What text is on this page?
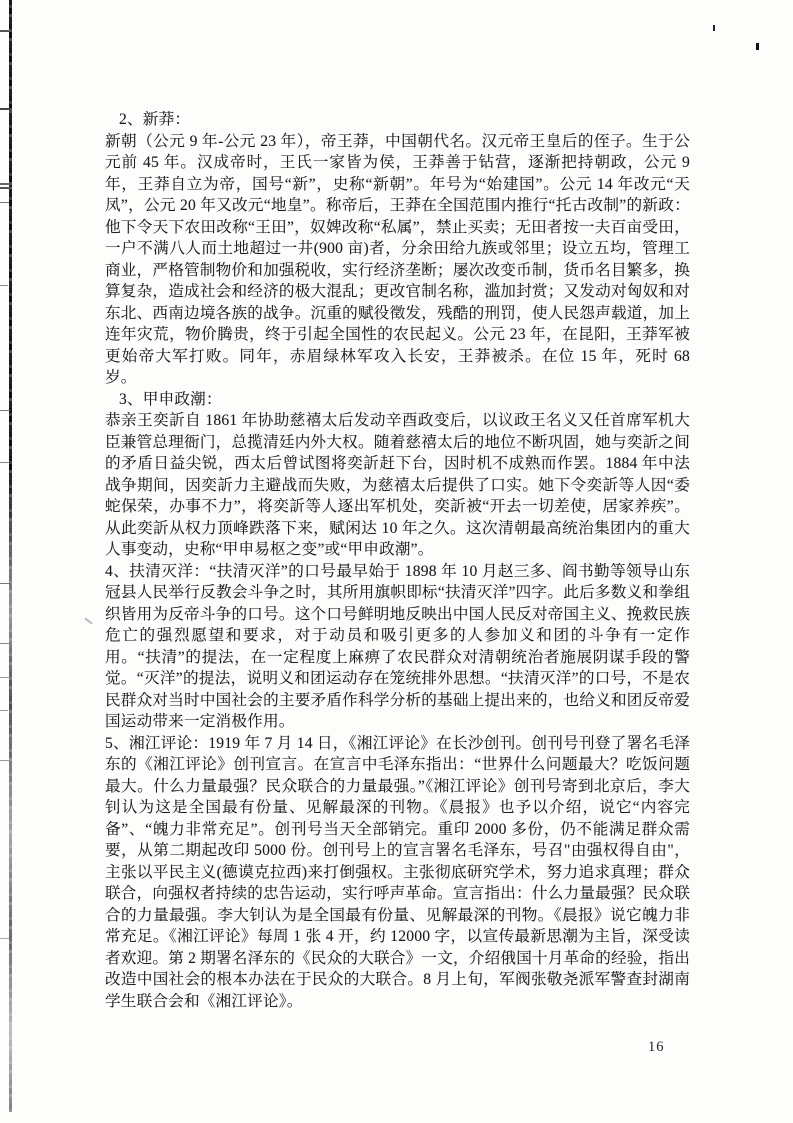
2、新莽：

新朝（公元 9 年-公元 23 年），帝王莽，中国朝代名。汉元帝王皇后的侄子。生于公元前 45 年。汉成帝时，王氏一家皆为侯，王莽善于钻营，逐渐把持朝政，公元 9 年，王莽自立为帝，国号“新”，史称“新朝”。年号为“始建国”。公元 14 年改元“天凤”，公元 20 年又改元“地皇”。称帝后，王莽在全国范围内推行“托古改制”的新政：他下令天下农田改称“王田”，奴婢改称“私属”，禁止买卖；无田者按一夫百亩受田，一户不满八人而土地超过一井(900 亩)者，分余田给九族或邻里；设立五均，管理工商业，严格管制物价和加强税收，实行经济垄断；屡次改变币制，货币名目繁多，换算复杂，造成社会和经济的极大混乱；更改官制名称，滥加封赏；又发动对匈奴和对东北、西南边境各族的战争。沉重的赋役徵发，残酷的刑罚，使人民怨声载道，加上连年灾荒，物价腾贵，终于引起全国性的农民起义。公元 23 年，在昆阳，王莽军被更始帝大军打败。同年，赤眉绿林军攻入长安，王莽被杀。在位 15 年，死时 68 岁。

3、甲申政潮：

恭亲王奕訢自 1861 年协助慈禧太后发动辛酉政变后，以议政王名义又任首席军机大臣兼管总理衙门，总揽清廷内外大权。随着慈禧太后的地位不断巩固，她与奕訢之间的矛盾日益尖锐，西太后曾试图将奕訢赶下台，因时机不成熟而作罢。1884 年中法战争期间，因奕訢力主避战而失败，为慈禧太后提供了口实。她下令奕訢等人因“委蛇保荣，办事不力”，将奕訢等人逐出军机处，奕訢被“开去一切差使，居家养疾”。从此奕訢从权力顶峰跌落下来，赋闲达 10 年之久。这次清朝最高统治集团内的重大人事变动，史称“甲申易枢之变”或“甲申政潮”。

4、扶清灭洋：“扶清灭洋”的口号最早始于 1898 年 10 月赵三多、阎书勤等领导山东冠县人民举行反教会斗争之时，其所用旗帜即标“扶清灭洋”四字。此后多数义和拳组织皆用为反帝斗争的口号。这个口号鲜明地反映出中国人民反对帝国主义、挽救民族危亡的强烈愿望和要求，对于动员和吸引更多的人参加义和团的斗争有一定作用。“扶清”的提法，在一定程度上麻痹了农民群众对清朝统治者施展阴谋手段的警觉。“灭洋”的提法，说明义和团运动存在笼统排外思想。“扶清灭洋”的口号，不是农民群众对当时中国社会的主要矛盾作科学分析的基础上提出来的，也给义和团反帝爱国运动带来一定消极作用。

5、湘江评论：1919 年 7 月 14 日，《湘江评论》在长沙创刊。创刊号刊登了署名毛泽东的《湘江评论》创刊宣言。在宣言中毛泽东指出：“世界什么问题最大？吃饭问题最大。什么力量最强？民众联合的力量最强。”《湘江评论》创刊号寄到北京后，李大钊认为这是全国最有份量、见解最深的刊物。《晨报》也予以介绍，说它“内容完备”、“魄力非常充足”。创刊号当天全部销完。重印 2000 多份，仍不能满足群众需要，从第二期起改印 5000 份。创刊号上的宣言署名毛泽东，号召"由强权得自由"，主张以平民主义(德谟克拉西)来打倒强权。主张彻底研究学术，努力追求真理；群众联合，向强权者持续的忠告运动，实行呼声革命。宣言指出：什么力量最强？民众联合的力量最强。李大钊认为是全国最有份量、见解最深的刊物。《晨报》说它魄力非常充足。《湘江评论》每周 1 张 4 开，约 12000 字，以宣传最新思潮为主旨，深受读者欢迎。第 2 期署名泽东的《民众的大联合》一文，介绍俄国十月革命的经验，指出改造中国社会的根本办法在于民众的大联合。8 月上旬，军阀张敬尧派军警查封湖南学生联合会和《湘江评论》。

16
